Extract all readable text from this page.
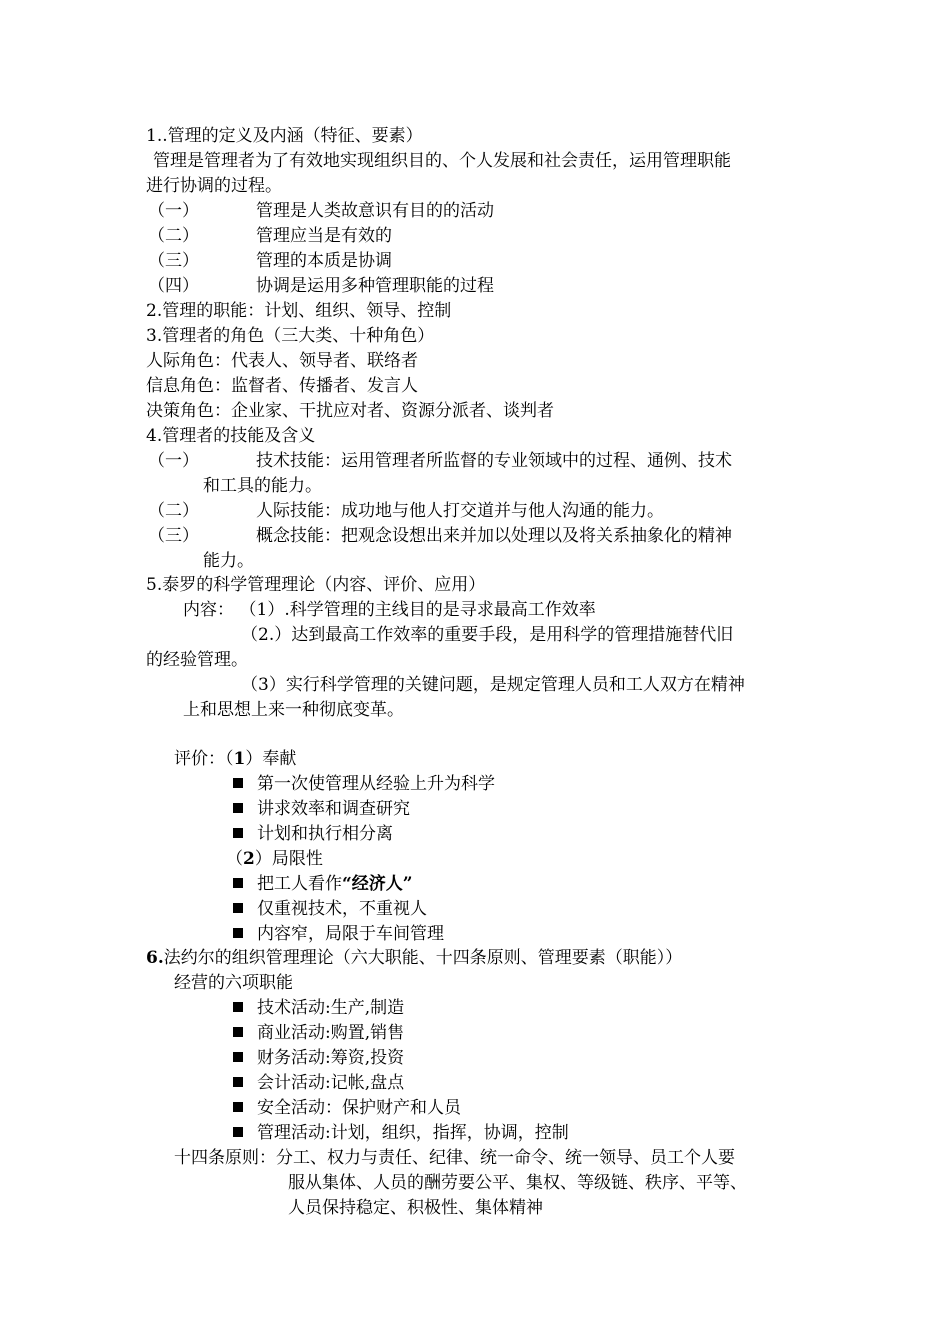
1..管理的定义及内涵（特征、要素）
管理是管理者为了有效地实现组织目的、个人发展和社会责任，运用管理职能
进行协调的过程。
（一）	管理是人类故意识有目的的活动
（二）	管理应当是有效的
（三）	管理的本质是协调
（四）	协调是运用多种管理职能的过程
2.管理的职能：计划、组织、领导、控制
3.管理者的角色（三大类、十种角色）
人际角色：代表人、领导者、联络者
信息角色：监督者、传播者、发言人
决策角色：企业家、干扰应对者、资源分派者、谈判者
4.管理者的技能及含义
（一）	技术技能：运用管理者所监督的专业领域中的过程、通例、技术
和工具的能力。
（二）	人际技能：成功地与他人打交道并与他人沟通的能力。
（三）	概念技能：把观念设想出来并加以处理以及将关系抽象化的精神
能力。
5.泰罗的科学管理理论（内容、评价、应用）
内容： （1）.科学管理的主线目的是寻求最高工作效率
（2.）达到最高工作效率的重要手段，是用科学的管理措施替代旧
的经验管理。
（3）实行科学管理的关键问题，是规定管理人员和工人双方在精神
上和思想上来一种彻底变革。
评价：（1）奉献
第一次使管理从经验上升为科学
讲求效率和调查研究
计划和执行相分离
（2）局限性
把工人看作“经济人”
仅重视技术，不重视人
内容窄，局限于车间管理
6.法约尔的组织管理理论（六大职能、十四条原则、管理要素（职能））
经营的六项职能
技术活动:生产,制造
商业活动:购置,销售
财务活动:筹资,投资
会计活动:记帐,盘点
安全活动：保护财产和人员
管理活动:计划，组织，指挥，协调，控制
十四条原则：分工、权力与责任、纪律、统一命令、统一领导、员工个人要
服从集体、人员的酬劳要公平、集权、等级链、秩序、平等、
人员保持稳定、积极性、集体精神
